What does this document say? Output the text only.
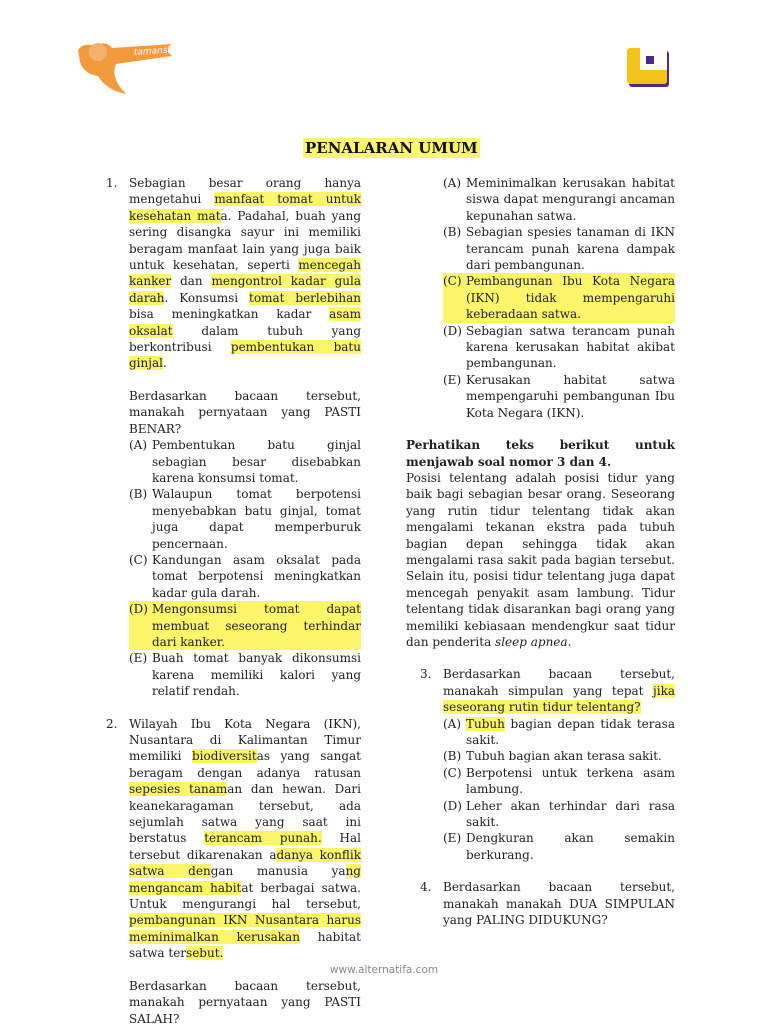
tamansiswa
PENALARAN UMUM
1. Sebagian besar orang hanya mengetahui manfaat tomat untuk kesehatan mata. Padahal, buah yang sering disangka sayur ini memiliki beragam manfaat lain yang juga baik untuk kesehatan, seperti mencegah kanker dan mengontrol kadar gula darah. Konsumsi tomat berlebihan bisa meningkatkan kadar asam oksalat dalam tubuh yang berkontribusi pembentukan batu ginjal.

Berdasarkan bacaan tersebut, manakah pernyataan yang PASTI BENAR?

(A) Pembentukan batu ginjal sebagian besar disebabkan karena konsumsi tomat.
(B) Walaupun tomat berpotensi menyebabkan batu ginjal, tomat juga dapat memperburuk pencernaan.
(C) Kandungan asam oksalat pada tomat berpotensi meningkatkan kadar gula darah.
(D) Mengonsumsi tomat dapat membuat seseorang terhindar dari kanker.
(E) Buah tomat banyak dikonsumsi karena memiliki kalori yang relatif rendah.
2. Wilayah Ibu Kota Negara (IKN), Nusantara di Kalimantan Timur memiliki biodiversitas yang sangat beragam dengan adanya ratusan sepesies tanaman dan hewan. Dari keanekaragaman tersebut, ada sejumlah satwa yang saat ini berstatus terancam punah. Hal tersebut dikarenakan adanya konflik satwa dengan manusia yang mengancam habitat berbagai satwa. Untuk mengurangi hal tersebut, pembangunan IKN Nusantara harus meminimalkan kerusakan habitat satwa tersebut.

Berdasarkan bacaan tersebut, manakah pernyataan yang PASTI SALAH?

(A) Meminimalkan kerusakan habitat siswa dapat mengurangi ancaman kepunahan satwa.
(B) Sebagian spesies tanaman di IKN terancam punah karena dampak dari pembangunan.
(C) Pembangunan Ibu Kota Negara (IKN) tidak mempengaruhi keberadaan satwa.
(D) Sebagian satwa terancam punah karena kerusakan habitat akibat pembangunan.
(E) Kerusakan habitat satwa mempengaruhi pembangunan Ibu Kota Negara (IKN).

Perhatikan teks berikut untuk menjawab soal nomor 3 dan 4.

Posisi telentang adalah posisi tidur yang baik bagi sebagian besar orang. Seseorang yang rutin tidur telentang tidak akan mengalami tekanan ekstra pada tubuh bagian depan sehingga tidak akan mengalami rasa sakit pada bagian tersebut. Selain itu, posisi tidur telentang juga dapat mencegah penyakit asam lambung. Tidur telentang tidak disarankan bagi orang yang memiliki kebiasaan mendengkur saat tidur dan penderita sleep apnea.

3. Berdasarkan bacaan tersebut, manakah simpulan yang tepat jika seseorang rutin tidur telentang?

(A) Tubuh bagian depan tidak terasa sakit.
(B) Tubuh bagian akan terasa sakit.
(C) Berpotensi untuk terkena asam lambung.
(D) Leher akan terhindar dari rasa sakit.
(E) Dengkuran akan semakin berkurang.
4. Berdasarkan bacaan tersebut, manakah manakah DUA SIMPULAN yang PALING DIDUKUNG?

www.alternatifa.com
